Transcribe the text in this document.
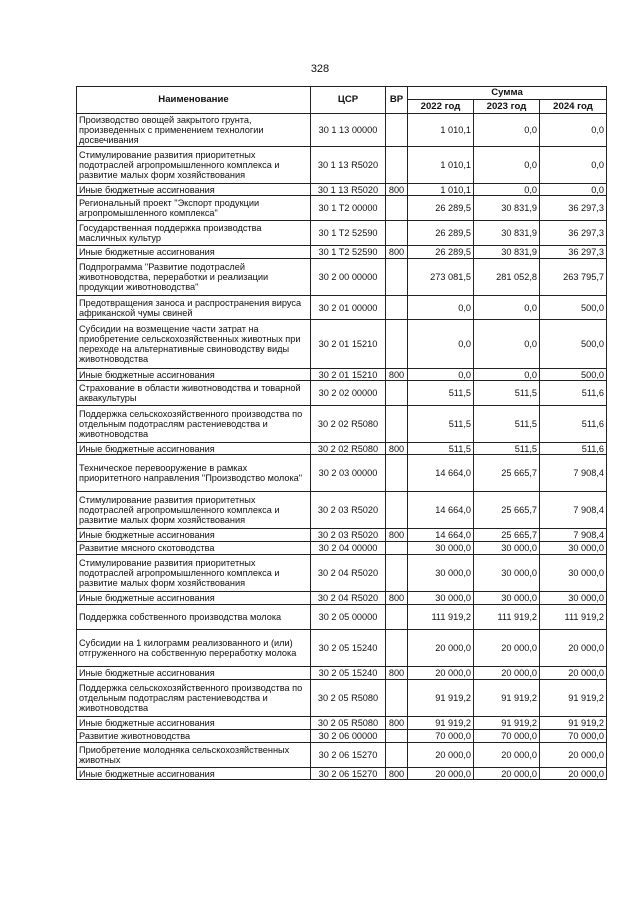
328
Наименование	ЦСР	ВР	Сумма		
			2022 год	2023 год	2024 год
Производство овощей закрытого грунта, произведенных с применением технологии досвечивания	30 1 13 00000		1 010,1	0,0	0,0
Стимулирование развития приоритетных подотраслей агропромышленного комплекса и развитие малых форм хозяйствования	30 1 13 R5020		1 010,1	0,0	0,0
Иные бюджетные ассигнования	30 1 13 R5020	800	1 010,1	0,0	0,0
Региональный проект "Экспорт продукции агропромышленного комплекса"	30 1 T2 00000		26 289,5	30 831,9	36 297,3
Государственная поддержка производства масличных культур	30 1 T2 52590		26 289,5	30 831,9	36 297,3
Иные бюджетные ассигнования	30 1 T2 52590	800	26 289,5	30 831,9	36 297,3
Подпрограмма "Развитие подотраслей животноводства, переработки и реализации продукции животноводства"	30 2 00 00000		273 081,5	281 052,8	263 795,7
Предотвращения заноса и распространения вируса африканской чумы свиней	30 2 01 00000		0,0	0,0	500,0
Субсидии на возмещение части затрат на приобретение сельскохозяйственных животных при переходе на альтернативные свиноводству виды животноводства	30 2 01 15210		0,0	0,0	500,0
Иные бюджетные ассигнования	30 2 01 15210	800	0,0	0,0	500,0
Страхование в области животноводства и товарной аквакультуры	30 2 02 00000		511,5	511,5	511,6
Поддержка сельскохозяйственного производства по отдельным подотраслям растениеводства и животноводства	30 2 02 R5080		511,5	511,5	511,6
Иные бюджетные ассигнования	30 2 02 R5080	800	511,5	511,5	511,6
Техническое перевооружение в рамках приоритетного направления "Производство молока"	30 2 03 00000		14 664,0	25 665,7	7 908,4
Стимулирование развития приоритетных подотраслей агропромышленного комплекса и развитие малых форм хозяйствования	30 2 03 R5020		14 664,0	25 665,7	7 908,4
Иные бюджетные ассигнования	30 2 03 R5020	800	14 664,0	25 665,7	7 908,4
Развитие мясного скотоводства	30 2 04 00000		30 000,0	30 000,0	30 000,0
Стимулирование развития приоритетных подотраслей агропромышленного комплекса и развитие малых форм хозяйствования	30 2 04 R5020		30 000,0	30 000,0	30 000,0
Иные бюджетные ассигнования	30 2 04 R5020	800	30 000,0	30 000,0	30 000,0
Поддержка собственного производства молока	30 2 05 00000		111 919,2	111 919,2	111 919,2
Субсидии на 1 килограмм реализованного и (или) отгруженного на собственную переработку молока	30 2 05 15240		20 000,0	20 000,0	20 000,0
Иные бюджетные ассигнования	30 2 05 15240	800	20 000,0	20 000,0	20 000,0
Поддержка сельскохозяйственного производства по отдельным подотраслям растениеводства и животноводства	30 2 05 R5080		91 919,2	91 919,2	91 919,2
Иные бюджетные ассигнования	30 2 05 R5080	800	91 919,2	91 919,2	91 919,2
Развитие животноводства	30 2 06 00000		70 000,0	70 000,0	70 000,0
Приобретение молодняка сельскохозяйственных животных	30 2 06 15270		20 000,0	20 000,0	20 000,0
Иные бюджетные ассигнования	30 2 06 15270	800	20 000,0	20 000,0	20 000,0
